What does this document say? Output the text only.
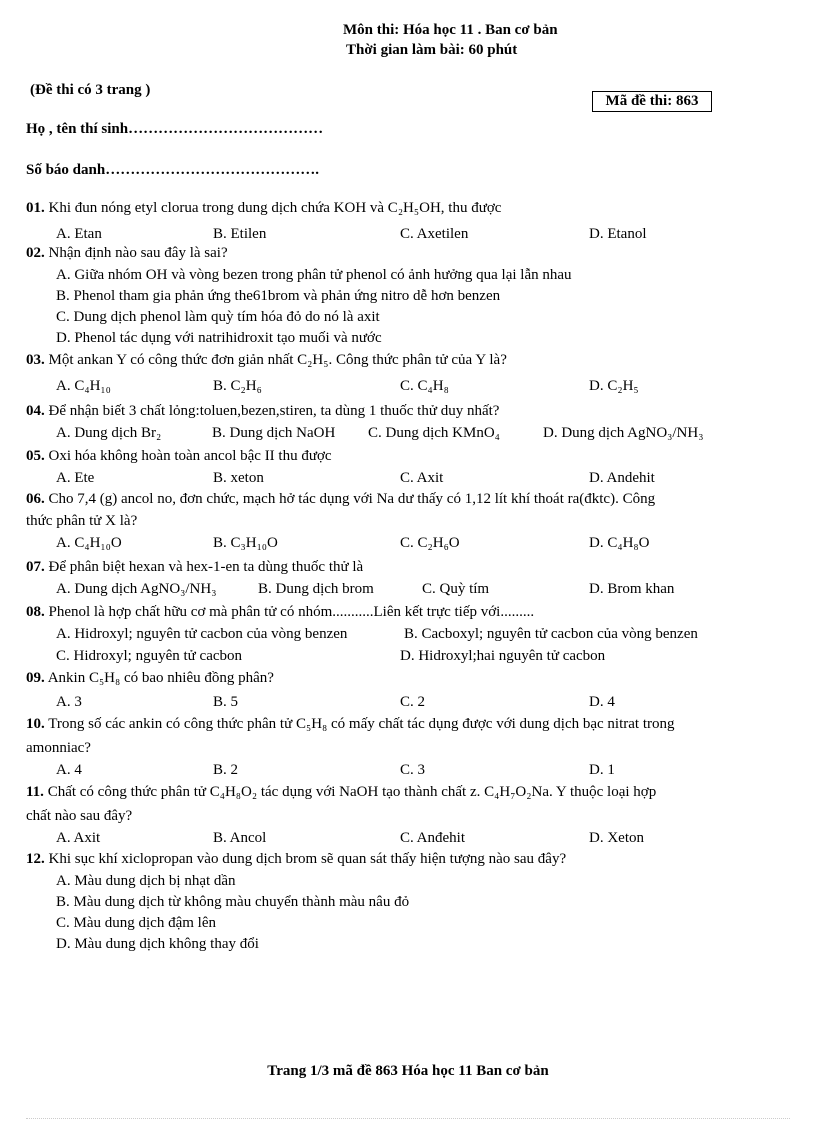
Môn thi: Hóa học 11 . Ban cơ bản
Thời gian làm bài: 60 phút
(Đề thi có 3 trang )
Mã đề thi: 863
Họ , tên thí sinh…………………………………
Số báo danh…………………………………….
01. Khi đun nóng etyl clorua trong dung dịch chứa KOH và C₂H₅OH, thu được
A. Etan	B. Etilen	C. Axetilen	D. Etanol
02. Nhận định nào sau đây là sai?
A. Giữa nhóm OH và vòng bezen trong phân tử phenol có ảnh hưởng qua lại lẫn nhau
B. Phenol tham gia phản ứng the61brom và phản ứng nitro dễ hơn benzen
C. Dung dịch phenol làm quỳ tím hóa đỏ do nó là axit
D. Phenol tác dụng với natrihidroxit tạo muối và nước
03. Một ankan Y có công thức đơn giản nhất C₂H₅. Công thức phân tử của Y là?
A. C₄H₁₀	B. C₂H₆	C. C₄H₈	D. C₂H₅
04. Để nhận biết 3 chất lỏng:toluen,bezen,stiren, ta dùng 1 thuốc thử duy nhất?
A. Dung dịch Br₂	B. Dung dịch NaOH C. Dung dịch KMnO₄	D. Dung dịch AgNO₃/NH₃
05. Oxi hóa không hoàn toàn ancol bậc II thu được
A. Ete	B. xeton	C. Axit	D. Andehit
06. Cho 7,4 (g) ancol no, đơn chức, mạch hở tác dụng với Na dư thấy có 1,12 lít khí thoát ra(đktc). Công
thức phân tử X là?
A. C₄H₁₀O	B. C₃H₁₀O	C. C₂H₆O	D. C₄H₈O
07. Để phân biệt hexan và hex-1-en ta dùng thuốc thử là
A. Dung dịch AgNO₃/NH₃	B. Dung dịch brom	C. Quỳ tím	D. Brom khan
08. Phenol là hợp chất hữu cơ mà phân tử có nhóm...........Liên kết trực tiếp với.........
A. Hidroxyl; nguyên tử cacbon của vòng benzen	B. Cacboxyl; nguyên tử cacbon của vòng benzen
C. Hidroxyl; nguyên tử cacbon	D. Hidroxyl;hai nguyên tử cacbon
09. Ankin C₅H₈ có bao nhiêu đồng phân?
A. 3	B. 5	C. 2	D. 4
10. Trong số các ankin có công thức phân tử C₅H₈ có mấy chất tác dụng được với dung dịch bạc nitrat trong
amonniac?
A. 4	B. 2	C. 3	D. 1
11. Chất có công thức phân tử C₄H₈O₂ tác dụng với NaOH tạo thành chất z. C₄H₇O₂Na. Y thuộc loại hợp
chất nào sau đây?
A. Axit	B. Ancol	C. Anđehit	D. Xeton
12. Khi sục khí xiclopropan vào dung dịch brom sẽ quan sát thấy hiện tượng nào sau đây?
A. Màu dung dịch bị nhạt dần
B. Màu dung dịch từ không màu chuyển thành màu nâu đỏ
C. Màu dung dịch đậm lên
D. Màu dung dịch không thay đổi
Trang 1/3 mã đề 863 Hóa học 11 Ban cơ bản
